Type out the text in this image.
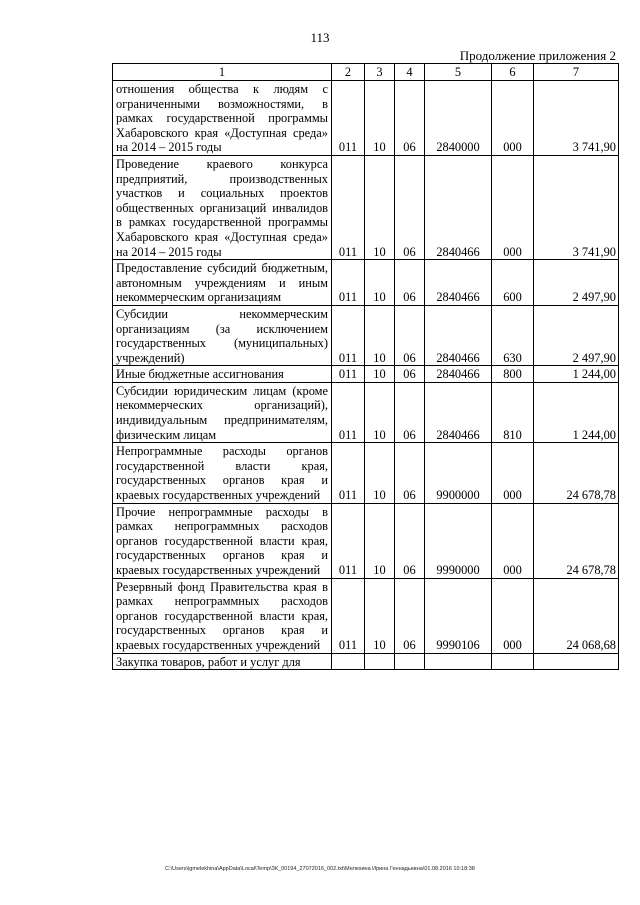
113
Продолжение приложения 2
1	2	3	4	5	6	7
отношения общества к людям с ограниченными возможностями, в рамках государственной программы Хабаровского края «Доступная среда» на 2014 – 2015 годы	011	10	06	2840000	000	3 741,90
Проведение краевого конкурса предприятий, производственных участков и социальных проектов общественных организаций инвалидов в рамках государственной программы Хабаровского края «Доступная среда» на 2014 – 2015 годы	011	10	06	2840466	000	3 741,90
Предоставление субсидий бюджетным, автономным учреждениям и иным некоммерческим организациям	011	10	06	2840466	600	2 497,90
Субсидии некоммерческим организациям (за исключением государственных (муниципальных) учреждений)	011	10	06	2840466	630	2 497,90
Иные бюджетные ассигнования	011	10	06	2840466	800	1 244,00
Субсидии юридическим лицам (кроме некоммерческих организаций), индивидуальным предпринимателям, физическим лицам	011	10	06	2840466	810	1 244,00
Непрограммные расходы органов государственной власти края, государственных органов края и краевых государственных учреждений	011	10	06	9900000	000	24 678,78
Прочие непрограммные расходы в рамках непрограммных расходов органов государственной власти края, государственных органов края и краевых государственных учреждений	011	10	06	9990000	000	24 678,78
Резервный фонд Правительства края в рамках непрограммных расходов органов государственной власти края, государственных органов края и краевых государственных учреждений	011	10	06	9990106	000	24 068,68
Закупка товаров, работ и услуг для						
C:\Users\igmelekhina\AppData\Local\Temp\ЗК_00194_27072016_002.txt\Мелехина Ирина Геннадьевна\01.08.2016 10:18:38
